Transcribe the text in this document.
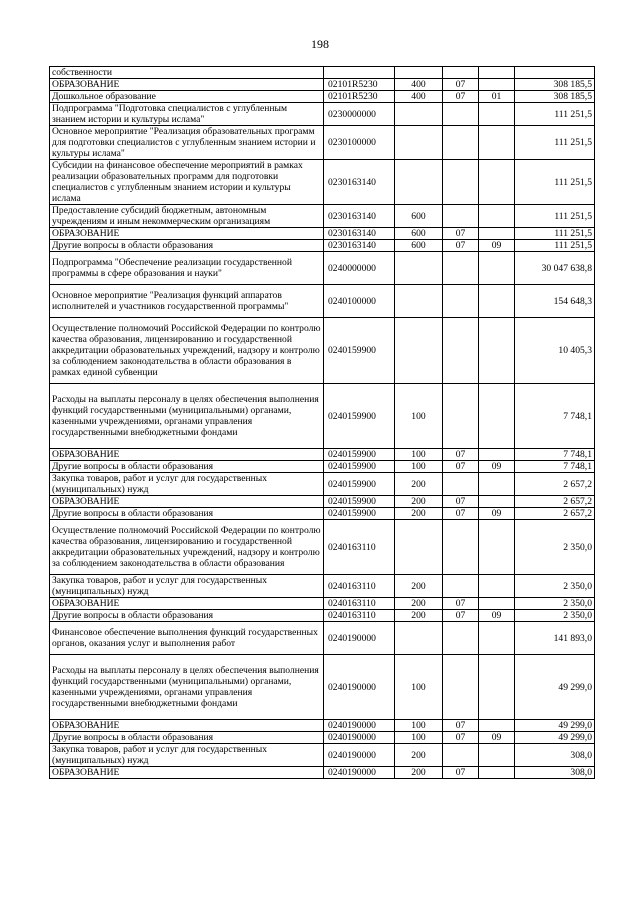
198
собственности					
ОБРАЗОВАНИЕ	02101R5230	400	07		308 185,5
Дошкольное образование	02101R5230	400	07	01	308 185,5
Подпрограмма "Подготовка специалистов с углубленным знанием истории и культуры ислама"	0230000000				111 251,5
Основное мероприятие "Реализация образовательных программ для подготовки специалистов с углубленным знанием истории и культуры ислама"	0230100000				111 251,5
Субсидии на финансовое обеспечение мероприятий в рамках реализации образовательных программ для подготовки специалистов с углубленным знанием истории и культуры ислама	0230163140				111 251,5
Предоставление субсидий бюджетным, автономным учреждениям и иным некоммерческим организациям	0230163140	600			111 251,5
ОБРАЗОВАНИЕ	0230163140	600	07		111 251,5
Другие вопросы в области образования	0230163140	600	07	09	111 251,5
Подпрограмма "Обеспечение реализации государственной программы в сфере образования и науки"	0240000000				30 047 638,8
Основное мероприятие "Реализация функций аппаратов исполнителей и участников государственной программы"	0240100000				154 648,3
Осуществление полномочий Российской Федерации по контролю качества образования, лицензированию и государственной аккредитации образовательных учреждений, надзору и контролю за соблюдением законодательства в области образования в рамках единой субвенции	0240159900				10 405,3
Расходы на выплаты персоналу в целях обеспечения выполнения функций государственными (муниципальными) органами, казенными учреждениями, органами управления государственными внебюджетными фондами	0240159900	100			7 748,1
ОБРАЗОВАНИЕ	0240159900	100	07		7 748,1
Другие вопросы в области образования	0240159900	100	07	09	7 748,1
Закупка товаров, работ и услуг для государственных (муниципальных) нужд	0240159900	200			2 657,2
ОБРАЗОВАНИЕ	0240159900	200	07		2 657,2
Другие вопросы в области образования	0240159900	200	07	09	2 657,2
Осуществление полномочий Российской Федерации по контролю качества образования, лицензированию и государственной аккредитации образовательных учреждений, надзору и контролю за соблюдением законодательства в области образования	0240163110				2 350,0
Закупка товаров, работ и услуг для государственных (муниципальных) нужд	0240163110	200			2 350,0
ОБРАЗОВАНИЕ	0240163110	200	07		2 350,0
Другие вопросы в области образования	0240163110	200	07	09	2 350,0
Финансовое обеспечение выполнения функций государственных органов, оказания услуг и выполнения работ	0240190000				141 893,0
Расходы на выплаты персоналу в целях обеспечения выполнения функций государственными (муниципальными) органами, казенными учреждениями, органами управления государственными внебюджетными фондами	0240190000	100			49 299,0
ОБРАЗОВАНИЕ	0240190000	100	07		49 299,0
Другие вопросы в области образования	0240190000	100	07	09	49 299,0
Закупка товаров, работ и услуг для государственных (муниципальных) нужд	0240190000	200			308,0
ОБРАЗОВАНИЕ	0240190000	200	07		308,0
